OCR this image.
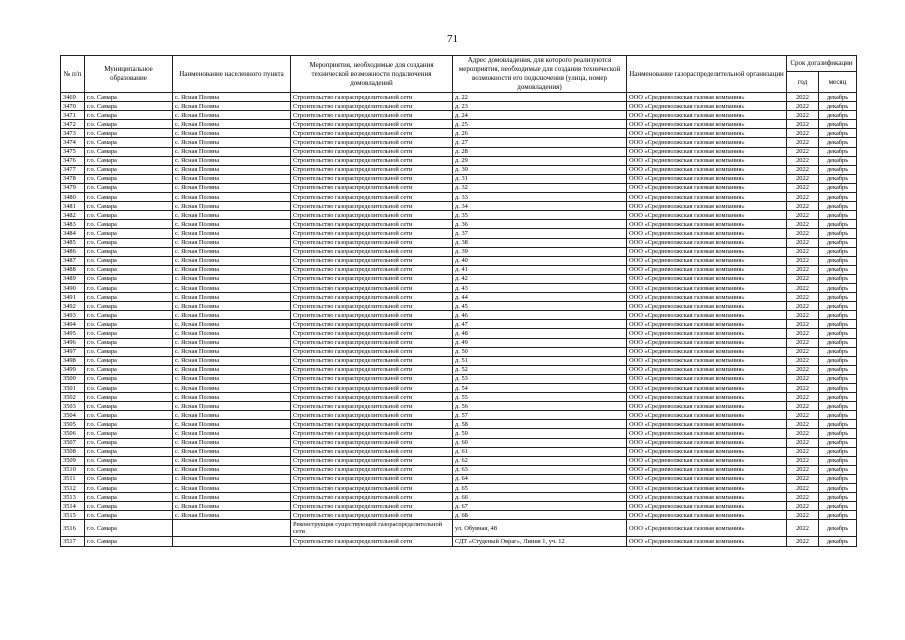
71
№ п/п	Муниципальное образование	Наименование населенного пункта	Мероприятия, необходимые для создания технической возможности подключения домовладений	Адрес домовладения, для которого реализуются мероприятия, необходимые для создания технической возможности его подключения (улица, номер домовладения)	Наименование газораспределительной организации	Срок догазификации	
						год	месяц
3469	г.о. Самара	с. Ясная Поляна	Строительство газораспределительной сети	д. 22	ООО «Средневолжская газовая компания»	2022	декабрь
3470	г.о. Самара	с. Ясная Поляна	Строительство газораспределительной сети	д. 23	ООО «Средневолжская газовая компания»	2022	декабрь
3471	г.о. Самара	с. Ясная Поляна	Строительство газораспределительной сети	д. 24	ООО «Средневолжская газовая компания»	2022	декабрь
3472	г.о. Самара	с. Ясная Поляна	Строительство газораспределительной сети	д. 25	ООО «Средневолжская газовая компания»	2022	декабрь
3473	г.о. Самара	с. Ясная Поляна	Строительство газораспределительной сети	д. 26	ООО «Средневолжская газовая компания»	2022	декабрь
3474	г.о. Самара	с. Ясная Поляна	Строительство газораспределительной сети	д. 27	ООО «Средневолжская газовая компания»	2022	декабрь
3475	г.о. Самара	с. Ясная Поляна	Строительство газораспределительной сети	д. 28	ООО «Средневолжская газовая компания»	2022	декабрь
3476	г.о. Самара	с. Ясная Поляна	Строительство газораспределительной сети	д. 29	ООО «Средневолжская газовая компания»	2022	декабрь
3477	г.о. Самара	с. Ясная Поляна	Строительство газораспределительной сети	д. 30	ООО «Средневолжская газовая компания»	2022	декабрь
3478	г.о. Самара	с. Ясная Поляна	Строительство газораспределительной сети	д. 31	ООО «Средневолжская газовая компания»	2022	декабрь
3479	г.о. Самара	с. Ясная Поляна	Строительство газораспределительной сети	д. 32	ООО «Средневолжская газовая компания»	2022	декабрь
3480	г.о. Самара	с. Ясная Поляна	Строительство газораспределительной сети	д. 33	ООО «Средневолжская газовая компания»	2022	декабрь
3481	г.о. Самара	с. Ясная Поляна	Строительство газораспределительной сети	д. 34	ООО «Средневолжская газовая компания»	2022	декабрь
3482	г.о. Самара	с. Ясная Поляна	Строительство газораспределительной сети	д. 35	ООО «Средневолжская газовая компания»	2022	декабрь
3483	г.о. Самара	с. Ясная Поляна	Строительство газораспределительной сети	д. 36	ООО «Средневолжская газовая компания»	2022	декабрь
3484	г.о. Самара	с. Ясная Поляна	Строительство газораспределительной сети	д. 37	ООО «Средневолжская газовая компания»	2022	декабрь
3485	г.о. Самара	с. Ясная Поляна	Строительство газораспределительной сети	д. 38	ООО «Средневолжская газовая компания»	2022	декабрь
3486	г.о. Самара	с. Ясная Поляна	Строительство газораспределительной сети	д. 39	ООО «Средневолжская газовая компания»	2022	декабрь
3487	г.о. Самара	с. Ясная Поляна	Строительство газораспределительной сети	д. 40	ООО «Средневолжская газовая компания»	2022	декабрь
3488	г.о. Самара	с. Ясная Поляна	Строительство газораспределительной сети	д. 41	ООО «Средневолжская газовая компания»	2022	декабрь
3489	г.о. Самара	с. Ясная Поляна	Строительство газораспределительной сети	д. 42	ООО «Средневолжская газовая компания»	2022	декабрь
3490	г.о. Самара	с. Ясная Поляна	Строительство газораспределительной сети	д. 43	ООО «Средневолжская газовая компания»	2022	декабрь
3491	г.о. Самара	с. Ясная Поляна	Строительство газораспределительной сети	д. 44	ООО «Средневолжская газовая компания»	2022	декабрь
3492	г.о. Самара	с. Ясная Поляна	Строительство газораспределительной сети	д. 45	ООО «Средневолжская газовая компания»	2022	декабрь
3493	г.о. Самара	с. Ясная Поляна	Строительство газораспределительной сети	д. 46	ООО «Средневолжская газовая компания»	2022	декабрь
3494	г.о. Самара	с. Ясная Поляна	Строительство газораспределительной сети	д. 47	ООО «Средневолжская газовая компания»	2022	декабрь
3495	г.о. Самара	с. Ясная Поляна	Строительство газораспределительной сети	д. 48	ООО «Средневолжская газовая компания»	2022	декабрь
3496	г.о. Самара	с. Ясная Поляна	Строительство газораспределительной сети	д. 49	ООО «Средневолжская газовая компания»	2022	декабрь
3497	г.о. Самара	с. Ясная Поляна	Строительство газораспределительной сети	д. 50	ООО «Средневолжская газовая компания»	2022	декабрь
3498	г.о. Самара	с. Ясная Поляна	Строительство газораспределительной сети	д. 51	ООО «Средневолжская газовая компания»	2022	декабрь
3499	г.о. Самара	с. Ясная Поляна	Строительство газораспределительной сети	д. 52	ООО «Средневолжская газовая компания»	2022	декабрь
3500	г.о. Самара	с. Ясная Поляна	Строительство газораспределительной сети	д. 53	ООО «Средневолжская газовая компания»	2022	декабрь
3501	г.о. Самара	с. Ясная Поляна	Строительство газораспределительной сети	д. 54	ООО «Средневолжская газовая компания»	2022	декабрь
3502	г.о. Самара	с. Ясная Поляна	Строительство газораспределительной сети	д. 55	ООО «Средневолжская газовая компания»	2022	декабрь
3503	г.о. Самара	с. Ясная Поляна	Строительство газораспределительной сети	д. 56	ООО «Средневолжская газовая компания»	2022	декабрь
3504	г.о. Самара	с. Ясная Поляна	Строительство газораспределительной сети	д. 57	ООО «Средневолжская газовая компания»	2022	декабрь
3505	г.о. Самара	с. Ясная Поляна	Строительство газораспределительной сети	д. 58	ООО «Средневолжская газовая компания»	2022	декабрь
3506	г.о. Самара	с. Ясная Поляна	Строительство газораспределительной сети	д. 59	ООО «Средневолжская газовая компания»	2022	декабрь
3507	г.о. Самара	с. Ясная Поляна	Строительство газораспределительной сети	д. 60	ООО «Средневолжская газовая компания»	2022	декабрь
3508	г.о. Самара	с. Ясная Поляна	Строительство газораспределительной сети	д. 61	ООО «Средневолжская газовая компания»	2022	декабрь
3509	г.о. Самара	с. Ясная Поляна	Строительство газораспределительной сети	д. 62	ООО «Средневолжская газовая компания»	2022	декабрь
3510	г.о. Самара	с. Ясная Поляна	Строительство газораспределительной сети	д. 63	ООО «Средневолжская газовая компания»	2022	декабрь
3511	г.о. Самара	с. Ясная Поляна	Строительство газораспределительной сети	д. 64	ООО «Средневолжская газовая компания»	2022	декабрь
3512	г.о. Самара	с. Ясная Поляна	Строительство газораспределительной сети	д. 65	ООО «Средневолжская газовая компания»	2022	декабрь
3513	г.о. Самара	с. Ясная Поляна	Строительство газораспределительной сети	д. 66	ООО «Средневолжская газовая компания»	2022	декабрь
3514	г.о. Самара	с. Ясная Поляна	Строительство газораспределительной сети	д. 67	ООО «Средневолжская газовая компания»	2022	декабрь
3515	г.о. Самара	с. Ясная Поляна	Строительство газораспределительной сети	д. 68	ООО «Средневолжская газовая компания»	2022	декабрь
3516	г.о. Самара		Реконструкция существующей газораспределительной сети	ул. Обувная, 48	ООО «Средневолжская газовая компания»	2022	декабрь
3517	г.о. Самара		Строительство газораспределительной сети	СДТ «Студеный Овраг», Линия 1, уч. 12	ООО «Средневолжская газовая компания»	2022	декабрь
